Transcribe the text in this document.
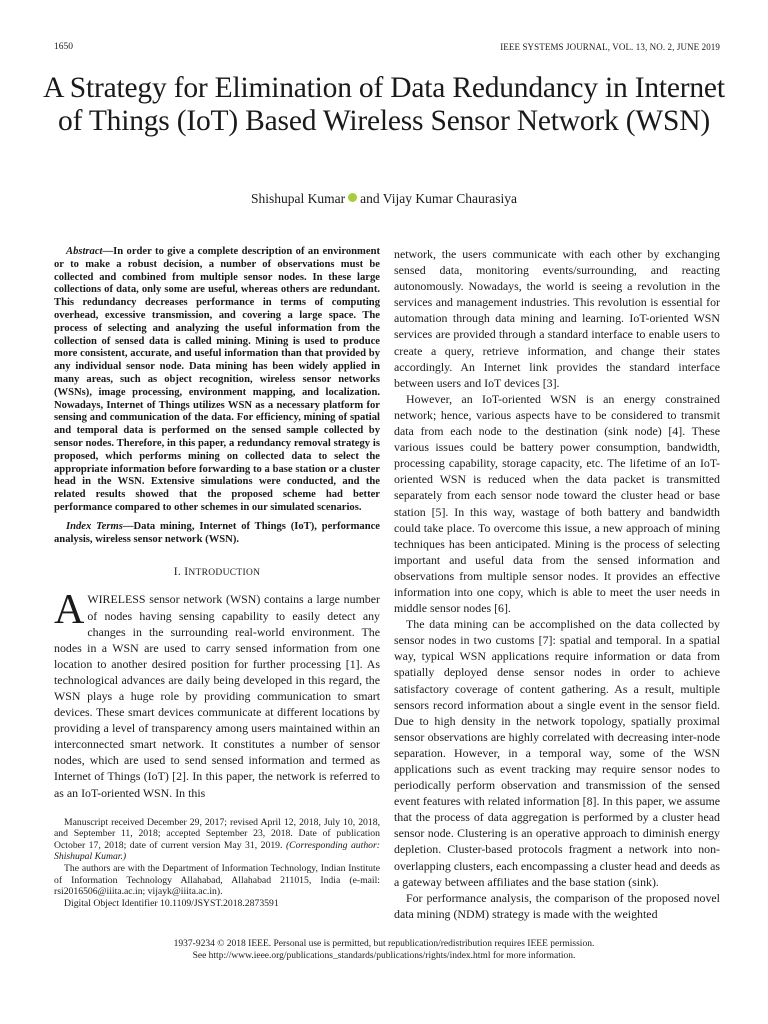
1650	IEEE SYSTEMS JOURNAL, VOL. 13, NO. 2, JUNE 2019
A Strategy for Elimination of Data Redundancy in Internet of Things (IoT) Based Wireless Sensor Network (WSN)
Shishupal Kumar and Vijay Kumar Chaurasiya

Abstract—In order to give a complete description of an environment or to make a robust decision, a number of observations must be collected and combined from multiple sensor nodes. In these large collections of data, only some are useful, whereas others are redundant. This redundancy decreases performance in terms of computing overhead, excessive transmission, and covering a large space. The process of selecting and analyzing the useful information from the collection of sensed data is called mining. Mining is used to produce more consistent, accurate, and useful information than that provided by any individual sensor node. Data mining has been widely applied in many areas, such as object recognition, wireless sensor networks (WSNs), image processing, environment mapping, and localization. Nowadays, Internet of Things utilizes WSN as a necessary platform for sensing and communication of the data. For efficiency, mining of spatial and temporal data is performed on the sensed sample collected by sensor nodes. Therefore, in this paper, a redundancy removal strategy is proposed, which performs mining on collected data to select the appropriate information before forwarding to a base station or a cluster head in the WSN. Extensive simulations were conducted, and the related results showed that the proposed scheme had better performance compared to other schemes in our simulated scenarios.

Index Terms—Data mining, Internet of Things (IoT), performance analysis, wireless sensor network (WSN).

I. INTRODUCTION

AWIRELESS sensor network (WSN) contains a large number of nodes having sensing capability to easily detect any changes in the surrounding real-world environment. The nodes in a WSN are used to carry sensed information from one location to another desired position for further processing [1]. As technological advances are daily being developed in this regard, the WSN plays a huge role by providing communication to smart devices. These smart devices communicate at different locations by providing a level of transparency among users maintained within an interconnected smart network. It constitutes a number of sensor nodes, which are used to send sensed information and termed as Internet of Things (IoT) [2]. In this paper, the network is referred to as an IoT-oriented WSN. In this

Manuscript received December 29, 2017; revised April 12, 2018, July 10, 2018, and September 11, 2018; accepted September 23, 2018. Date of publication October 17, 2018; date of current version May 31, 2019. (Corresponding author: Shishupal Kumar.)

The authors are with the Department of Information Technology, Indian Institute of Information Technology Allahabad, Allahabad 211015, India (e-mail: rsi2016506@iiita.ac.in; vijayk@iiita.ac.in).

Digital Object Identifier 10.1109/JSYST.2018.2873591

network, the users communicate with each other by exchanging sensed data, monitoring events/surrounding, and reacting autonomously. Nowadays, the world is seeing a revolution in the services and management industries. This revolution is essential for automation through data mining and learning. IoT-oriented WSN services are provided through a standard interface to enable users to create a query, retrieve information, and change their states accordingly. An Internet link provides the standard interface between users and IoT devices [3].

However, an IoT-oriented WSN is an energy constrained network; hence, various aspects have to be considered to transmit data from each node to the destination (sink node) [4]. These various issues could be battery power consumption, bandwidth, processing capability, storage capacity, etc. The lifetime of an IoT-oriented WSN is reduced when the data packet is transmitted separately from each sensor node toward the cluster head or base station [5]. In this way, wastage of both battery and bandwidth could take place. To overcome this issue, a new approach of mining techniques has been anticipated. Mining is the process of selecting important and useful data from the sensed information and observations from multiple sensor nodes. It provides an effective information into one copy, which is able to meet the user needs in middle sensor nodes [6].

The data mining can be accomplished on the data collected by sensor nodes in two customs [7]: spatial and temporal. In a spatial way, typical WSN applications require information or data from spatially deployed dense sensor nodes in order to achieve satisfactory coverage of content gathering. As a result, multiple sensors record information about a single event in the sensor field. Due to high density in the network topology, spatially proximal sensor observations are highly correlated with decreasing inter-node separation. However, in a temporal way, some of the WSN applications such as event tracking may require sensor nodes to periodically perform observation and transmission of the sensed event features with related information [8]. In this paper, we assume that the process of data aggregation is performed by a cluster head sensor node. Clustering is an operative approach to diminish energy depletion. Cluster-based protocols fragment a network into non-overlapping clusters, each encompassing a cluster head and deeds as a gateway between affiliates and the base station (sink).

For performance analysis, the comparison of the proposed novel data mining (NDM) strategy is made with the weighted

1937-9234 © 2018 IEEE. Personal use is permitted, but republication/redistribution requires IEEE permission.
See http://www.ieee.org/publications_standards/publications/rights/index.html for more information.
